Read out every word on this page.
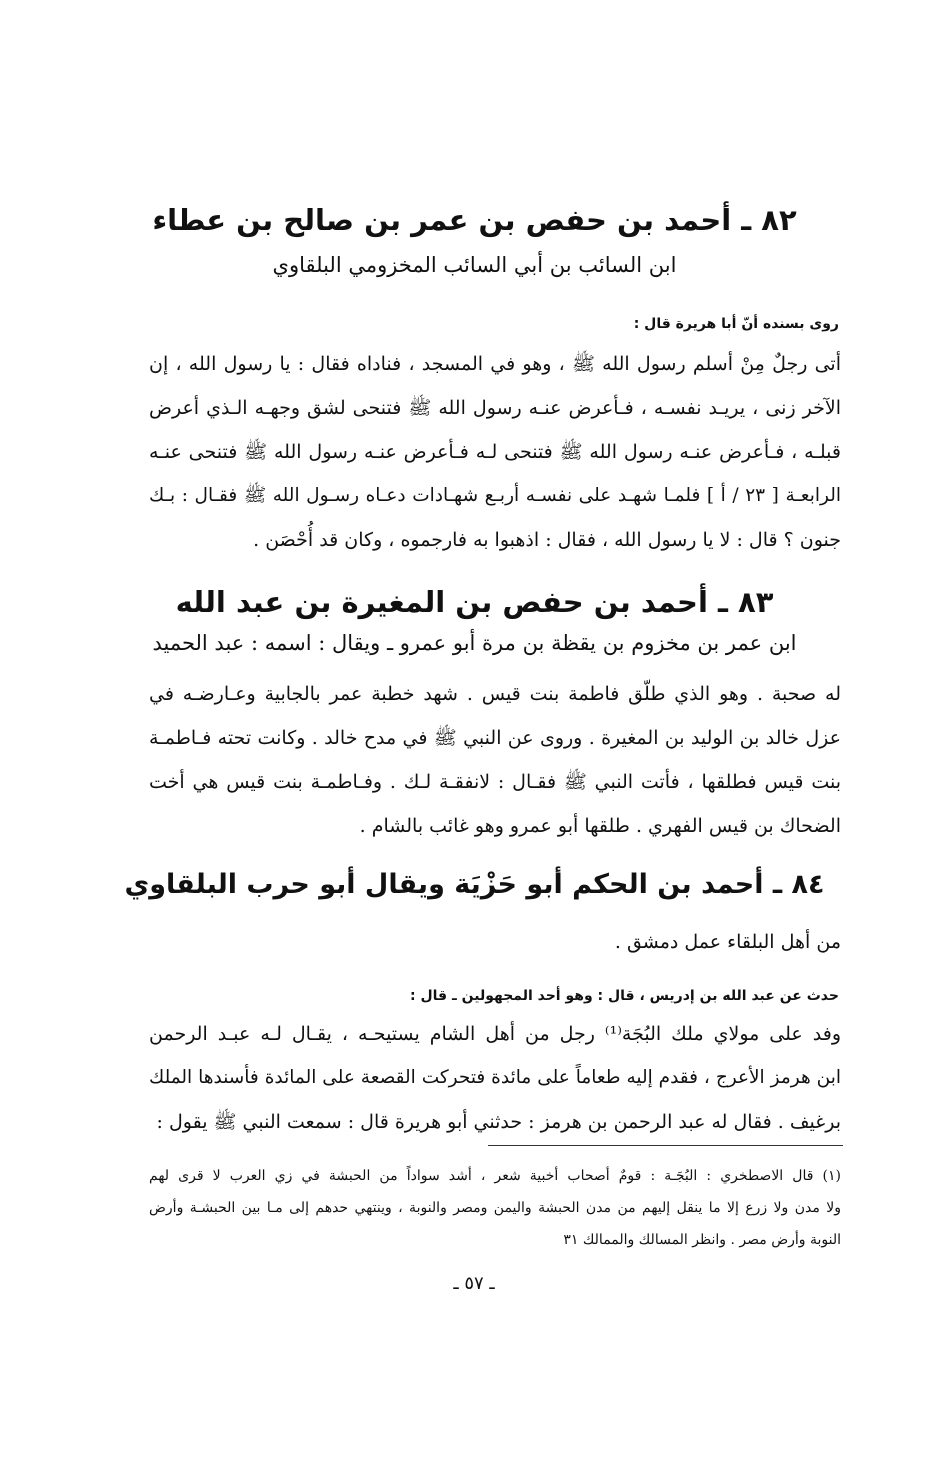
٨٢ ـ أحمد بن حفص بن عمر بن صالح بن عطاء
ابن السائب بن أبي السائب المخزومي البلقاوي
روى بسنده أنّ أبا هريرة قال :
أتى رجلٌ مِنْ أسلم رسول الله ﷺ ، وهو في المسجد ، فناداه فقال : يا رسول الله ، إن
الآخر زنى ، يريـد نفسـه ، فـأعرض عنـه رسول الله ﷺ فتنحى لشق وجهـه الـذي أعرض
قبلـه ، فـأعرض عنـه رسول الله ﷺ فتنحى لـه فـأعرض عنـه رسول الله ﷺ فتنحى عنـه
الرابعـة [ ٢٣ / أ ] فلمـا شهـد على نفسـه أربـع شهـادات دعـاه رسـول الله ﷺ فقـال : بـك
جنون ؟ قال : لا يا رسول الله ، فقال : اذهبوا به فارجموه ، وكان قد أُحْصَن .
٨٣ ـ أحمد بن حفص بن المغيرة بن عبد الله
ابن عمر بن مخزوم بن يقظة بن مرة أبو عمرو ـ ويقال : اسمه : عبد الحميد
له صحبة . وهو الذي طلّق فاطمة بنت قيس . شهد خطبة عمر بالجابية وعـارضـه في
عزل خالد بن الوليد بن المغيرة . وروى عن النبي ﷺ في مدح خالد . وكانت تحته فـاطمـة
بنت قيس فطلقها ، فأتت النبي ﷺ فقـال : لانفقـة لـك . وفـاطمـة بنت قيس هي أخت
الضحاك بن قيس الفهري . طلقها أبو عمرو وهو غائب بالشام .
٨٤ ـ أحمد بن الحكم أبو حَزْيَة ويقال أبو حرب البلقاوي
من أهل البلقاء عمل دمشق .
حدث عن عبد الله بن إدريس ، قال : وهو أحد المجهولين ـ قال :
وفد على مولاي ملك البُجَة⁽¹⁾ رجل من أهل الشام يستيحـه ، يقـال لـه عبـد الرحمن
ابن هرمز الأعرج ، فقدم إليه طعاماً على مائدة فتحركت القصعة على المائدة فأسندها الملك
برغيف . فقال له عبد الرحمن بن هرمز : حدثني أبو هريرة قال : سمعت النبي ﷺ يقول :
(١) قال الاصطخري : البُجَـة : قومٌ أصحاب أخبية شعر ، أشد سواداً من الحبشة في زي العرب لا قرى لهم
ولا مدن ولا زرع إلا ما ينقل إليهم من مدن الحبشة واليمن ومصر والنوبة ، وينتهي حدهم إلى مـا بين الحبشـة وأرض
النوبة وأرض مصر . وانظر المسالك والممالك ٣١
ـ ٥٧ ـ
